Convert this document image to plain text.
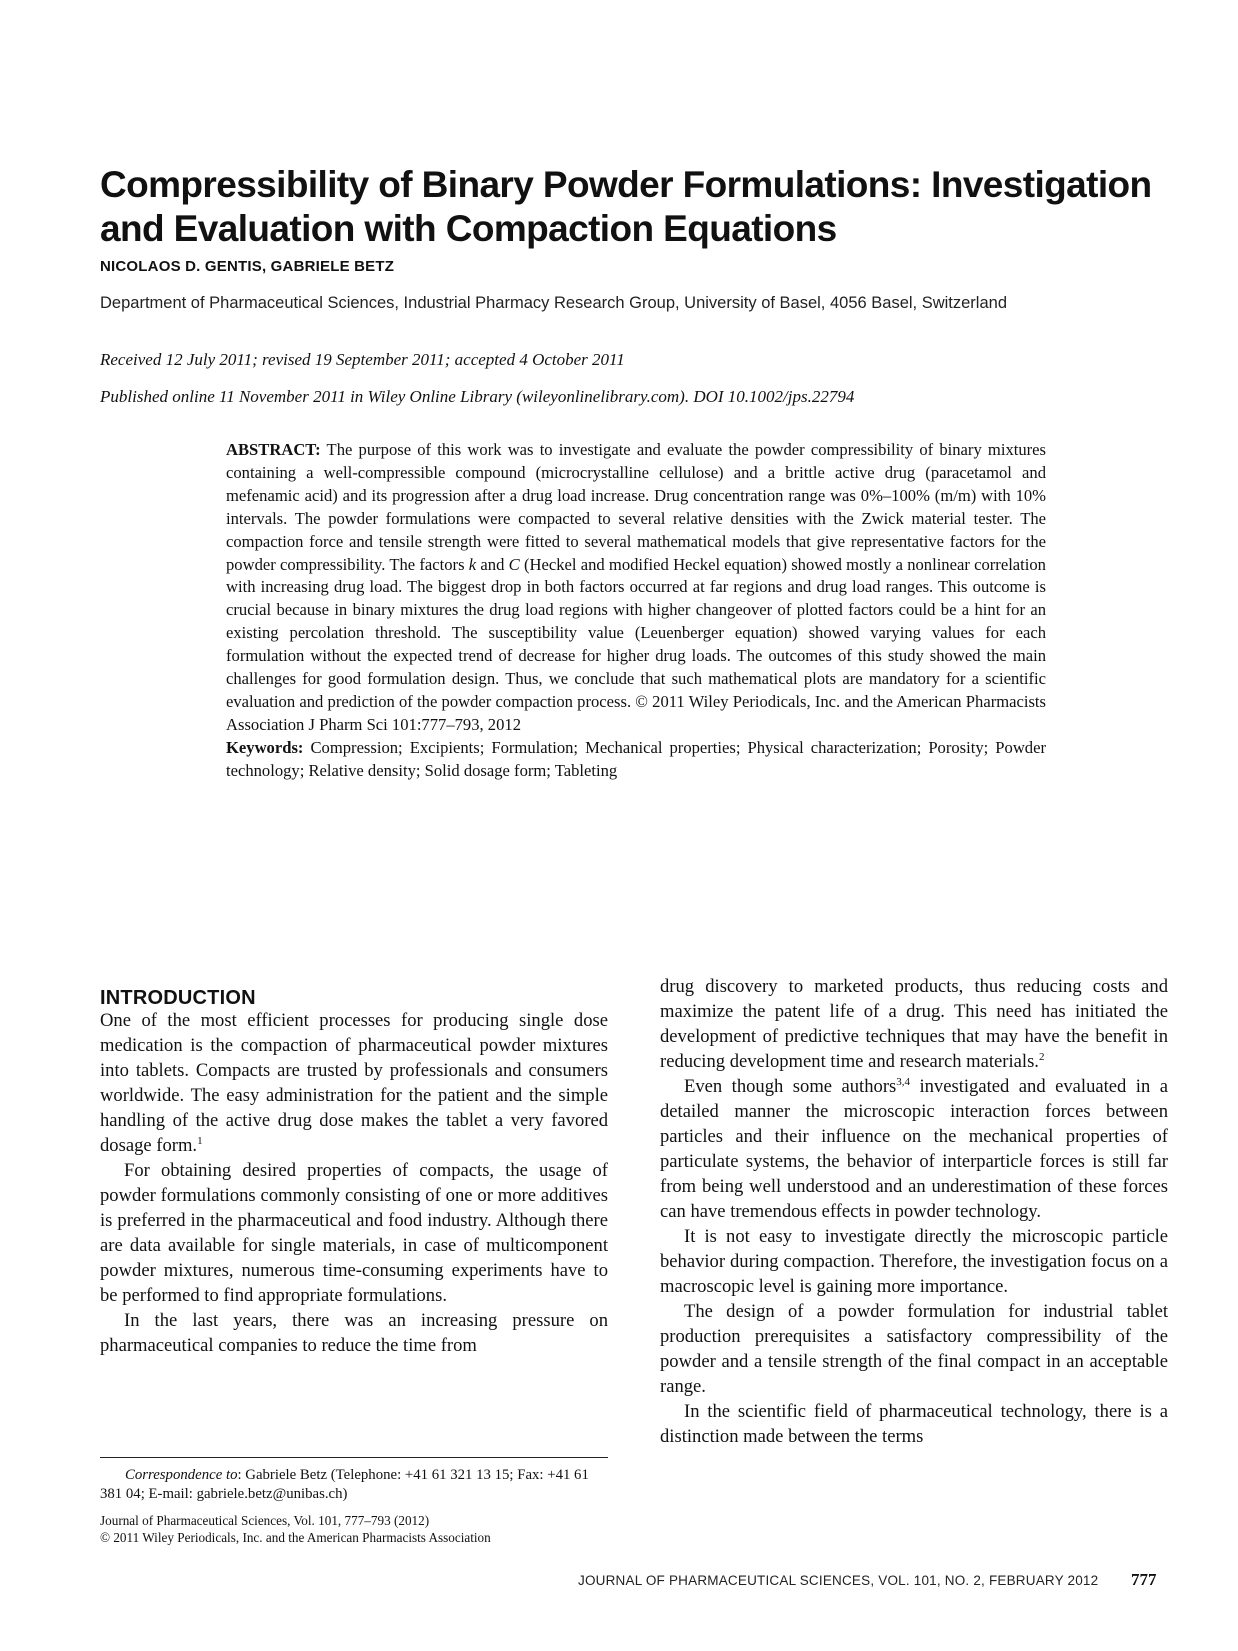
Compressibility of Binary Powder Formulations: Investigation and Evaluation with Compaction Equations
NICOLAOS D. GENTIS, GABRIELE BETZ
Department of Pharmaceutical Sciences, Industrial Pharmacy Research Group, University of Basel, 4056 Basel, Switzerland
Received 12 July 2011; revised 19 September 2011; accepted 4 October 2011
Published online 11 November 2011 in Wiley Online Library (wileyonlinelibrary.com). DOI 10.1002/jps.22794

ABSTRACT: The purpose of this work was to investigate and evaluate the powder compressibility of binary mixtures containing a well-compressible compound (microcrystalline cellulose) and a brittle active drug (paracetamol and mefenamic acid) and its progression after a drug load increase. Drug concentration range was 0%–100% (m/m) with 10% intervals. The powder formulations were compacted to several relative densities with the Zwick material tester. The compaction force and tensile strength were fitted to several mathematical models that give representative factors for the powder compressibility. The factors k and C (Heckel and modified Heckel equation) showed mostly a nonlinear correlation with increasing drug load. The biggest drop in both factors occurred at far regions and drug load ranges. This outcome is crucial because in binary mixtures the drug load regions with higher changeover of plotted factors could be a hint for an existing percolation threshold. The susceptibility value (Leuenberger equation) showed varying values for each formulation without the expected trend of decrease for higher drug loads. The outcomes of this study showed the main challenges for good formulation design. Thus, we conclude that such mathematical plots are mandatory for a scientific evaluation and prediction of the powder compaction process. © 2011 Wiley Periodicals, Inc. and the American Pharmacists Association J Pharm Sci 101:777–793, 2012

Keywords: Compression; Excipients; Formulation; Mechanical properties; Physical characterization; Porosity; Powder technology; Relative density; Solid dosage form; Tableting

INTRODUCTION

One of the most efficient processes for producing single dose medication is the compaction of pharmaceutical powder mixtures into tablets. Compacts are trusted by professionals and consumers worldwide. The easy administration for the patient and the simple handling of the active drug dose makes the tablet a very favored dosage form.$^1$

For obtaining desired properties of compacts, the usage of powder formulations commonly consisting of one or more additives is preferred in the pharmaceutical and food industry. Although there are data available for single materials, in case of multicomponent powder mixtures, numerous time-consuming experiments have to be performed to find appropriate formulations.

In the last years, there was an increasing pressure on pharmaceutical companies to reduce the time from

drug discovery to marketed products, thus reducing costs and maximize the patent life of a drug. This need has initiated the development of predictive techniques that may have the benefit in reducing development time and research materials.$^2$

Even though some authors$^{3,4}$ investigated and evaluated in a detailed manner the microscopic interaction forces between particles and their influence on the mechanical properties of particulate systems, the behavior of interparticle forces is still far from being well understood and an underestimation of these forces can have tremendous effects in powder technology.

It is not easy to investigate directly the microscopic particle behavior during compaction. Therefore, the investigation focus on a macroscopic level is gaining more importance.

The design of a powder formulation for industrial tablet production prerequisites a satisfactory compressibility of the powder and a tensile strength of the final compact in an acceptable range.

In the scientific field of pharmaceutical technology, there is a distinction made between the terms

Correspondence to: Gabriele Betz (Telephone: +41 61 321 13 15; Fax: +41 61 381 04; E-mail: gabriele.betz@unibas.ch)

Journal of Pharmaceutical Sciences, Vol. 101, 777–793 (2012)

© 2011 Wiley Periodicals, Inc. and the American Pharmacists Association

JOURNAL OF PHARMACEUTICAL SCIENCES, VOL. 101, NO. 2, FEBRUARY 2012 777
